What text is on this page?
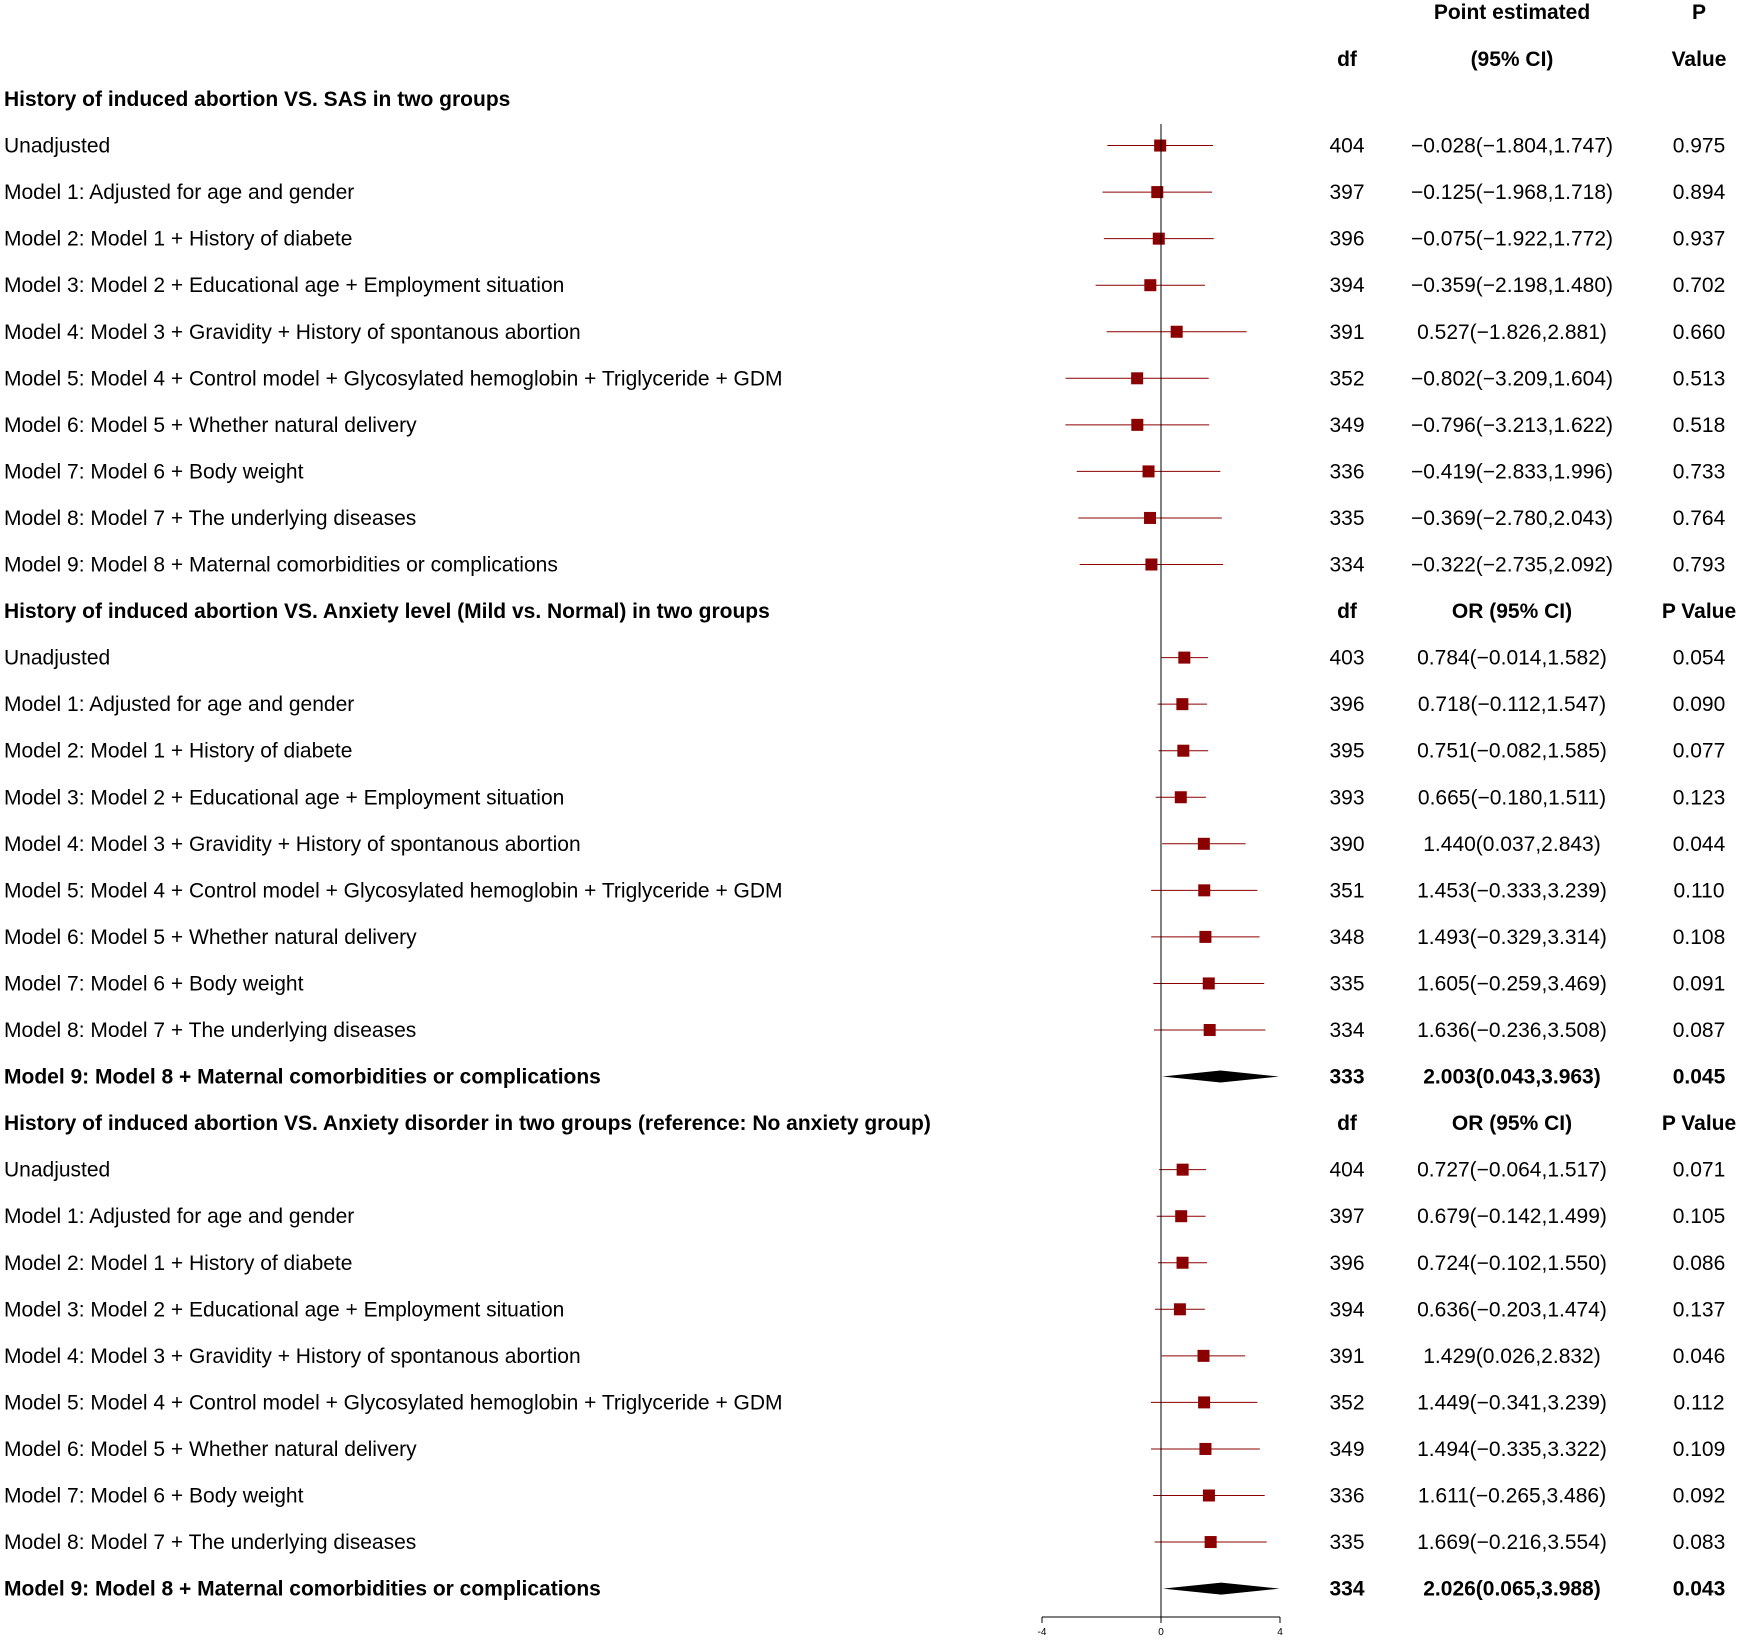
Point estimated	P
df	(95% CI)	Value
History of induced abortion VS. SAS in two groups
Unadjusted	404 −0.028(−1.804,1.747)	0.975
Model 1: Adjusted for age and gender	397 −0.125(−1.968,1.718)	0.894
Model 2: Model 1 + History of diabete	396 −0.075(−1.922,1.772)	0.937
Model 3: Model 2 + Educational age + Employment situation	394 −0.359(−2.198,1.480)	0.702
Model 4: Model 3 + Gravidity + History of spontanous abortion	391	0.527(−1.826,2.881)	0.660
Model 5: Model 4 + Control model + Glycosylated hemoglobin + Triglyceride + GDM	352 −0.802(−3.209,1.604)	0.513
Model 6: Model 5 + Whether natural delivery	349 −0.796(−3.213,1.622)	0.518
Model 7: Model 6 + Body weight	336 −0.419(−2.833,1.996)	0.733
Model 8: Model 7 + The underlying diseases	335 −0.369(−2.780,2.043)	0.764
Model 9: Model 8 + Maternal comorbidities or complications	334 −0.322(−2.735,2.092)	0.793
History of induced abortion VS. Anxiety level (Mild vs. Normal) in two groups	df	OR (95% CI)	P Value
Unadjusted	403	0.784(−0.014,1.582)	0.054
Model 1: Adjusted for age and gender	396	0.718(−0.112,1.547)	0.090
Model 2: Model 1 + History of diabete	395	0.751(−0.082,1.585)	0.077
Model 3: Model 2 + Educational age + Employment situation	393	0.665(−0.180,1.511)	0.123
Model 4: Model 3 + Gravidity + History of spontanous abortion	390	1.440(0.037,2.843)	0.044
Model 5: Model 4 + Control model + Glycosylated hemoglobin + Triglyceride + GDM	351	1.453(−0.333,3.239)	0.110
Model 6: Model 5 + Whether natural delivery	348	1.493(−0.329,3.314)	0.108
Model 7: Model 6 + Body weight	335	1.605(−0.259,3.469)	0.091
Model 8: Model 7 + The underlying diseases	334	1.636(−0.236,3.508)	0.087
Model 9: Model 8 + Maternal comorbidities or complications	333	2.003(0.043,3.963)	0.045
History of induced abortion VS. Anxiety disorder in two groups (reference: No anxiety group)	df	OR (95% CI)	P Value
Unadjusted	404	0.727(−0.064,1.517)	0.071
Model 1: Adjusted for age and gender	397	0.679(−0.142,1.499)	0.105
Model 2: Model 1 + History of diabete	396	0.724(−0.102,1.550)	0.086
Model 3: Model 2 + Educational age + Employment situation	394	0.636(−0.203,1.474)	0.137
Model 4: Model 3 + Gravidity + History of spontanous abortion	391	1.429(0.026,2.832)	0.046
Model 5: Model 4 + Control model + Glycosylated hemoglobin + Triglyceride + GDM	352	1.449(−0.341,3.239)	0.112
Model 6: Model 5 + Whether natural delivery	349	1.494(−0.335,3.322)	0.109
Model 7: Model 6 + Body weight	336	1.611(−0.265,3.486)	0.092
Model 8: Model 7 + The underlying diseases	335	1.669(−0.216,3.554)	0.083
Model 9: Model 8 + Maternal comorbidities or complications	334	2.026(0.065,3.988)	0.043
-4	0	4
